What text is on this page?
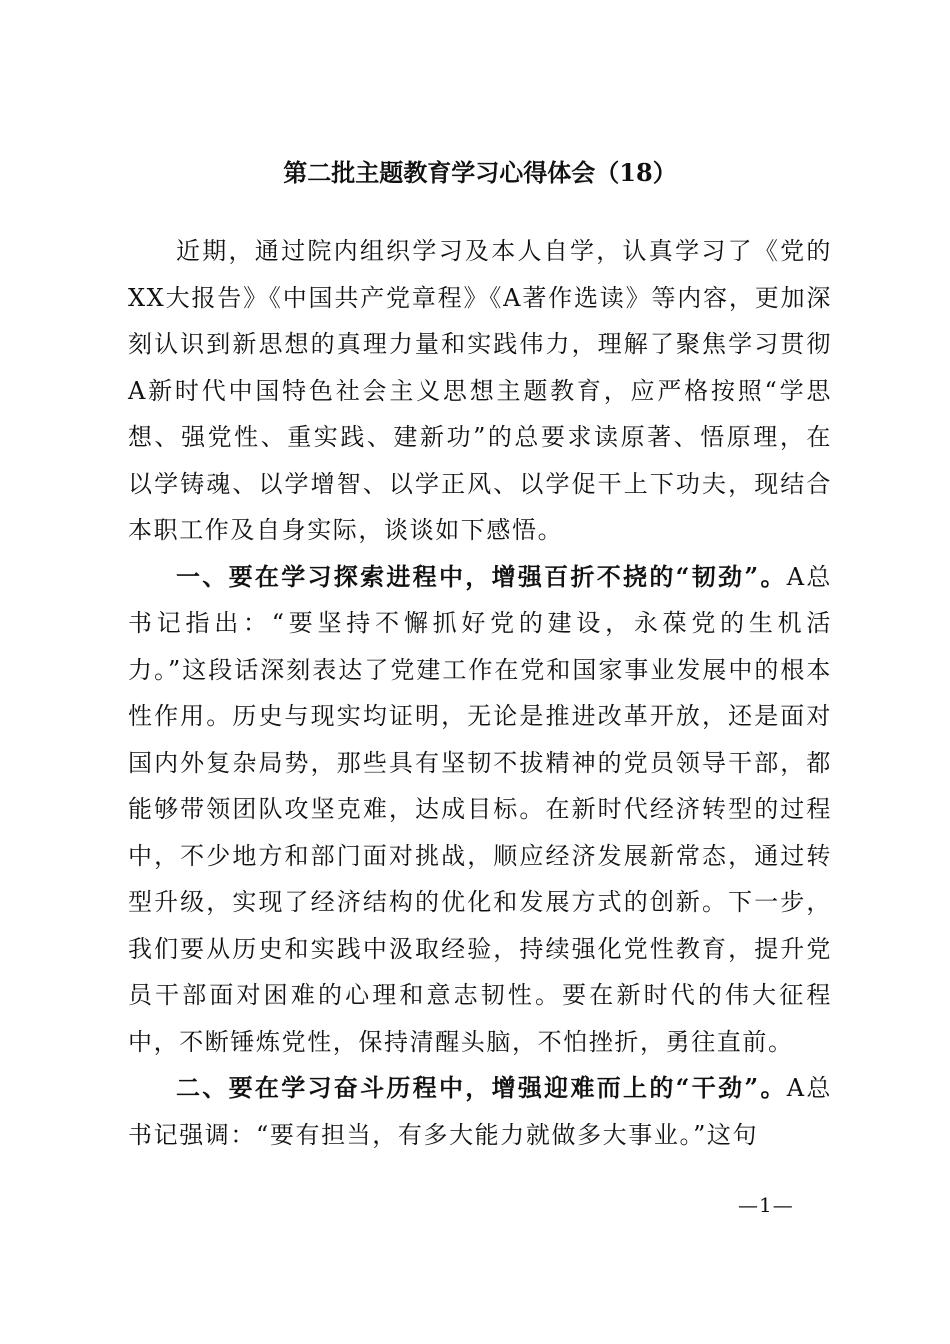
第二批主题教育学习心得体会（18）

近期，通过院内组织学习及本人自学，认真学习了《党的XX大报告》《中国共产党章程》《A著作选读》等内容，更加深刻认识到新思想的真理力量和实践伟力，理解了聚焦学习贯彻A新时代中国特色社会主义思想主题教育，应严格按照“学思想、强党性、重实践、建新功”的总要求读原著、悟原理，在以学铸魂、以学增智、以学正风、以学促干上下功夫，现结合本职工作及自身实际，谈谈如下感悟。

一、要在学习探索进程中，增强百折不挠的“韧劲”。A总书记指出：“要坚持不懈抓好党的建设，永葆党的生机活力。”这段话深刻表达了党建工作在党和国家事业发展中的根本性作用。历史与现实均证明，无论是推进改革开放，还是面对国内外复杂局势，那些具有坚韧不拔精神的党员领导干部，都能够带领团队攻坚克难，达成目标。在新时代经济转型的过程中，不少地方和部门面对挑战，顺应经济发展新常态，通过转型升级，实现了经济结构的优化和发展方式的创新。下一步，我们要从历史和实践中汲取经验，持续强化党性教育，提升党员干部面对困难的心理和意志韧性。要在新时代的伟大征程中，不断锤炼党性，保持清醒头脑，不怕挫折，勇往直前。

二、要在学习奋斗历程中，增强迎难而上的“干劲”。A总书记强调：“要有担当，有多大能力就做多大事业。”这句

—1—
